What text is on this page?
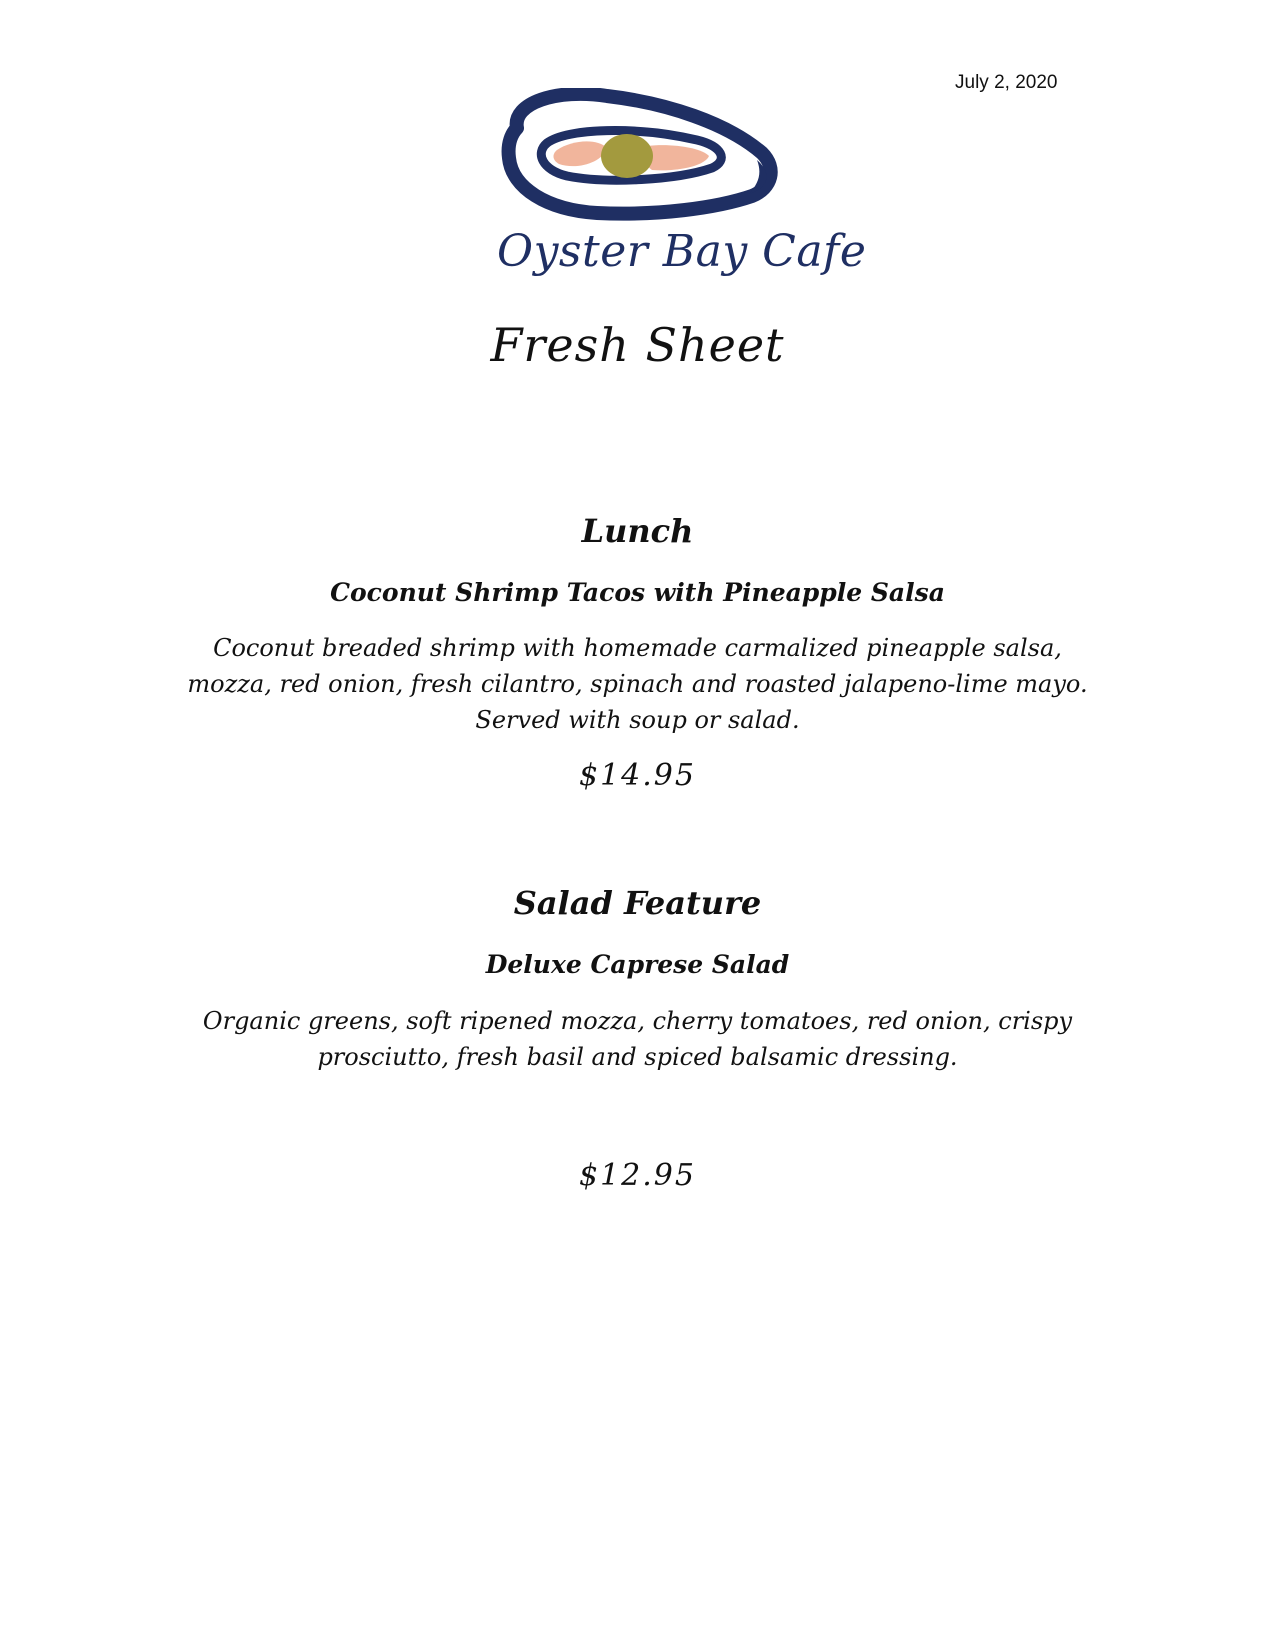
July 2, 2020
Oyster Bay Cafe
Fresh Sheet
Lunch
Coconut Shrimp Tacos with Pineapple Salsa
Coconut breaded shrimp with homemade carmalized pineapple salsa, mozza, red onion, fresh cilantro, spinach and roasted jalapeno-lime mayo. Served with soup or salad.
$14.95
Salad Feature
Deluxe Caprese Salad
Organic greens, soft ripened mozza, cherry tomatoes, red onion, crispy prosciutto, fresh basil and spiced balsamic dressing.
$12.95
